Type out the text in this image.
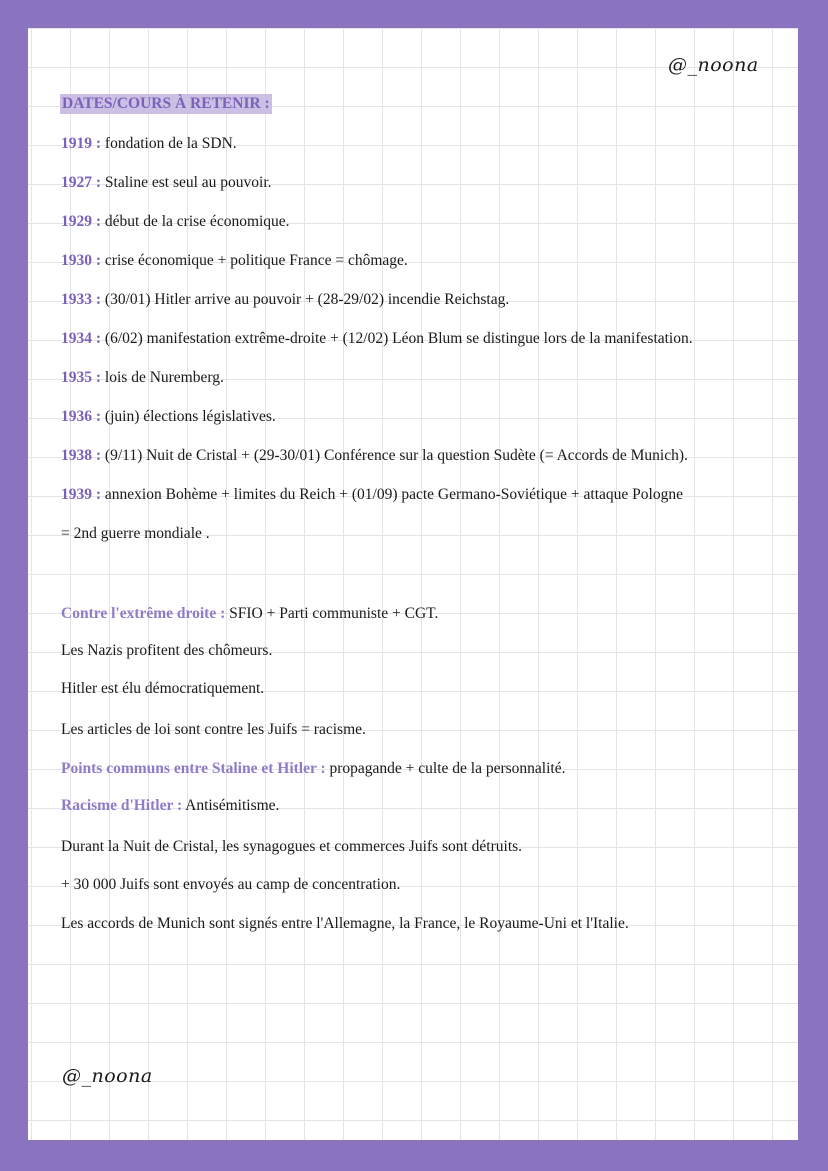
@_noona
DATES/COURS À RETENIR :
1919 : fondation de la SDN.
1927 : Staline est seul au pouvoir.
1929 : début de la crise économique.
1930 : crise économique + politique France = chômage.
1933 : (30/01) Hitler arrive au pouvoir + (28-29/02) incendie Reichstag.
1934 : (6/02) manifestation extrême-droite + (12/02) Léon Blum se distingue lors de la manifestation.
1935 : lois de Nuremberg.
1936 : (juin) élections législatives.
1938 : (9/11) Nuit de Cristal + (29-30/01) Conférence sur la question Sudète (= Accords de Munich).
1939 : annexion Bohème + limites du Reich + (01/09) pacte Germano-Soviétique + attaque Pologne
= 2nd guerre mondiale .
Contre l'extrême droite : SFIO + Parti communiste + CGT.
Les Nazis profitent des chômeurs.
Hitler est élu démocratiquement.
Les articles de loi sont contre les Juifs = racisme.
Points communs entre Staline et Hitler : propagande + culte de la personnalité.
Racisme d'Hitler : Antisémitisme.
Durant la Nuit de Cristal, les synagogues et commerces Juifs sont détruits.
+ 30 000 Juifs sont envoyés au camp de concentration.
Les accords de Munich sont signés entre l'Allemagne, la France, le Royaume-Uni et l'Italie.
@_noona
